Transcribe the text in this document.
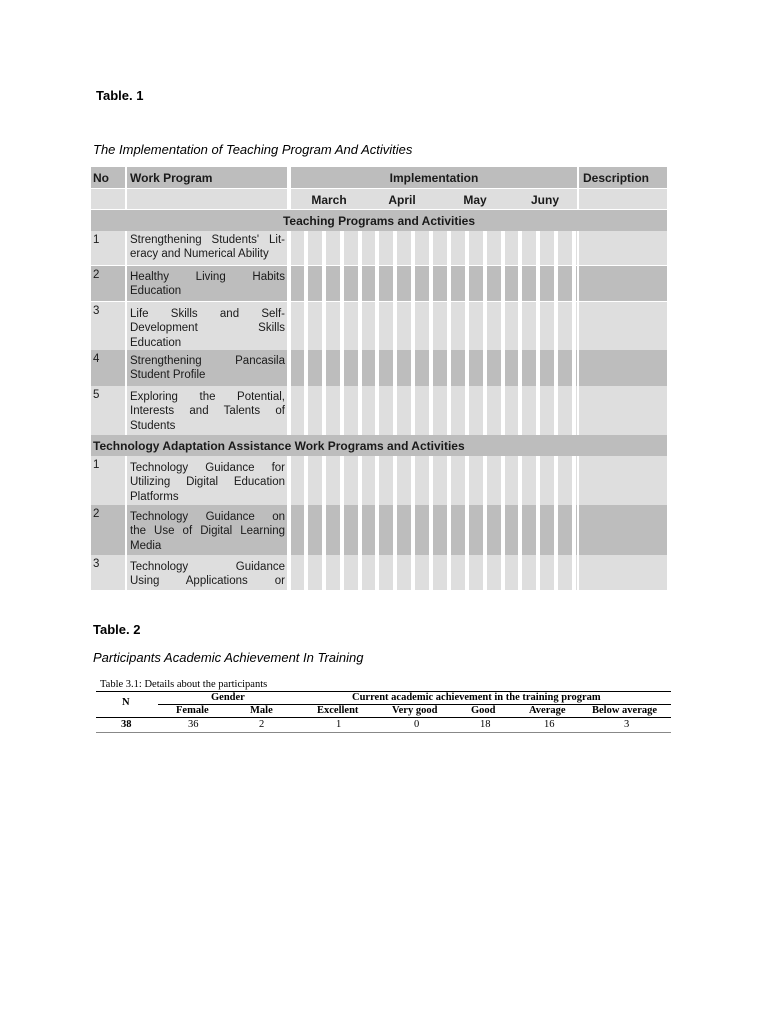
Table. 1
The Implementation of Teaching Program And Activities
No	Work Program	Implementation	Description
March	April	May	Juny
Teaching Programs and Activities
1	Strengthening Students' Lit-
eracy and Numerical Ability
2	Healthy Living Habits
Education
3	Life Skills and Self-
Development Skills
Education
4	Strengthening Pancasila
Student Profile
5	Exploring the Potential,
Interests and Talents of
Students
Technology Adaptation Assistance Work Programs and Activities
1	Technology Guidance for
Utilizing Digital Education
Platforms
2	Technology Guidance on
the Use of Digital Learning
Media
3	Technology Guidance
Using Applications or
Table. 2
Participants Academic Achievement In Training
Table 3.1: Details about the participants
N	Gender	Current academic achievement in the training program
Female	Male	Excellent	Very good	Good	Average	Below average
38	36	2	1	0	18	16	3
